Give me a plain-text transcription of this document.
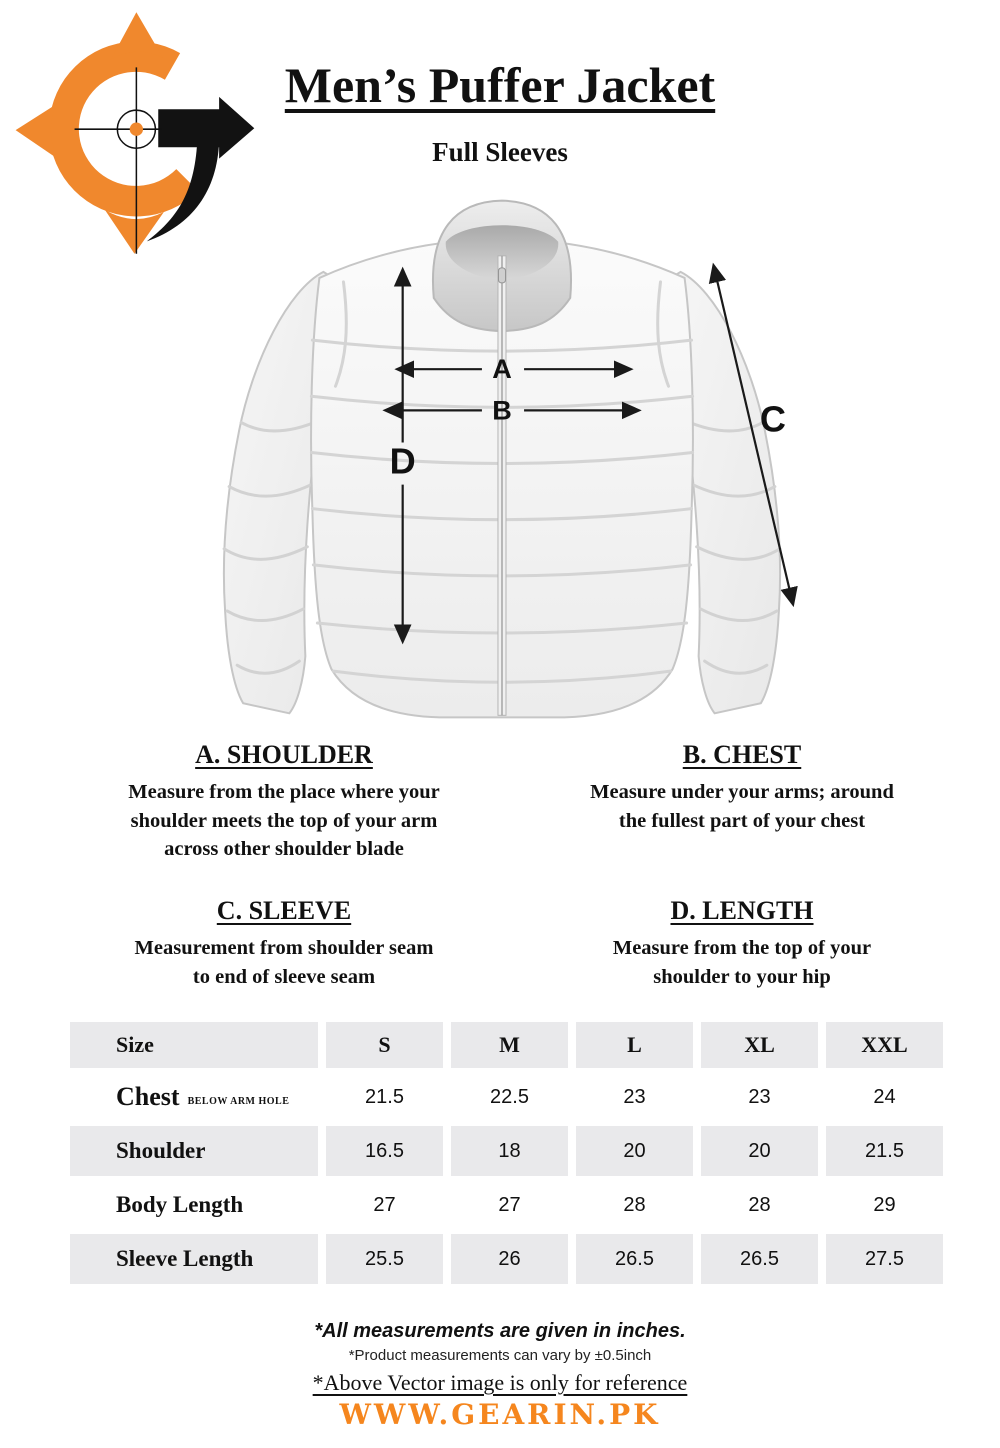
Men’s Puffer Jacket
Full Sleeves
A
B	C
D
A. SHOULDER
Measure from the place where your
shoulder meets the top of your arm
across other shoulder blade
B. CHEST
Measure under your arms; around
the fullest part of your chest
C. SLEEVE
Measurement from shoulder seam
to end of sleeve seam
D. LENGTH
Measure from the top of your
shoulder to your hip
Size	S	M	L	XL	XXL
Chest BELOW ARM HOLE	21.5	22.5	23	23	24
Shoulder	16.5	18	20	20	21.5
Body Length	27	27	28	28	29
Sleeve Length	25.5	26	26.5	26.5	27.5
*All measurements are given in inches.
*Product measurements can vary by ±0.5inch
*Above Vector image is only for reference
WWW.GEARIN.PK
